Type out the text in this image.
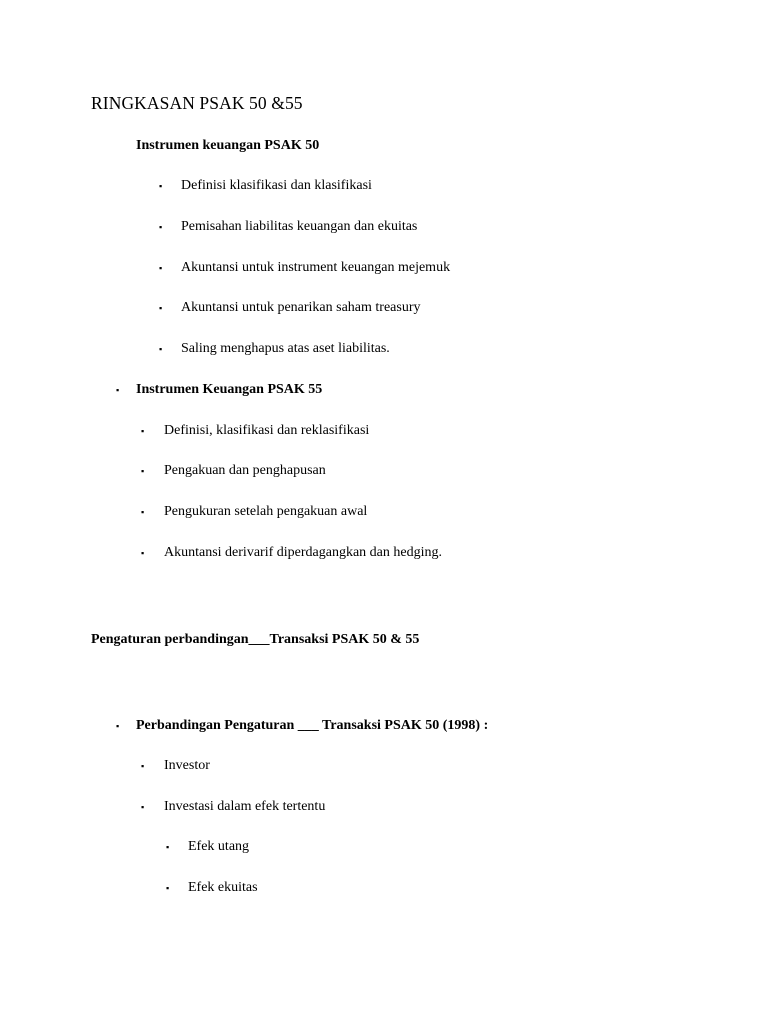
RINGKASAN PSAK 50 &55
Instrumen keuangan PSAK 50
▪ Definisi klasifikasi dan klasifikasi
▪ Pemisahan liabilitas keuangan dan ekuitas
▪ Akuntansi untuk instrument keuangan mejemuk
▪ Akuntansi untuk penarikan saham treasury
▪ Saling menghapus atas aset liabilitas.
▪ Instrumen Keuangan PSAK 55
▪ Definisi, klasifikasi dan reklasifikasi
▪ Pengakuan dan penghapusan
▪ Pengukuran setelah pengakuan awal
▪ Akuntansi derivarif diperdagangkan dan hedging.
Pengaturan perbandingan___Transaksi PSAK 50 & 55
▪ Perbandingan Pengaturan ___ Transaksi PSAK 50 (1998) :
▪ Investor
▪ Investasi dalam efek tertentu
▪ Efek utang
▪ Efek ekuitas
